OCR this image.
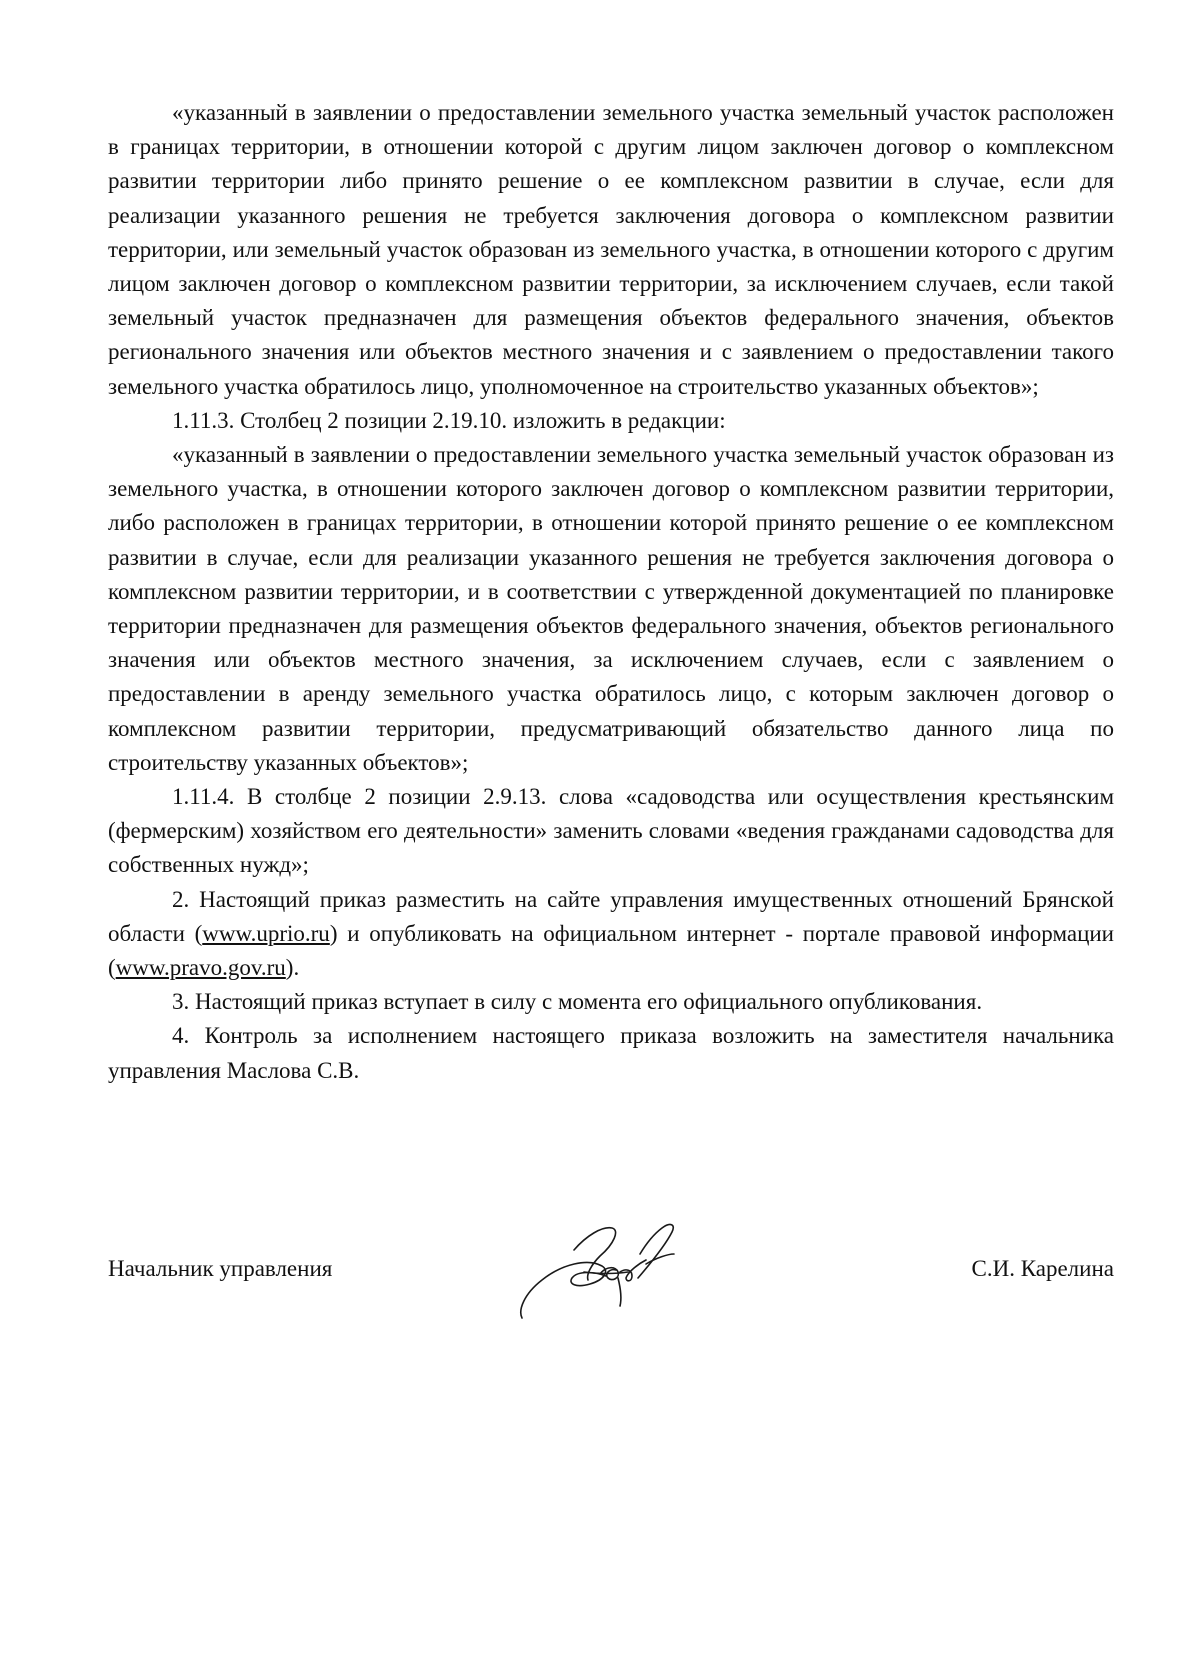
«указанный в заявлении о предоставлении земельного участка земельный участок расположен в границах территории, в отношении которой с другим лицом заключен договор о комплексном развитии территории либо принято решение о ее комплексном развитии в случае, если для реализации указанного решения не требуется заключения договора о комплексном развитии территории, или земельный участок образован из земельного участка, в отношении которого с другим лицом заключен договор о комплексном развитии территории, за исключением случаев, если такой земельный участок предназначен для размещения объектов федерального значения, объектов регионального значения или объектов местного значения и с заявлением о предоставлении такого земельного участка обратилось лицо, уполномоченное на строительство указанных объектов»;

1.11.3. Столбец 2 позиции 2.19.10. изложить в редакции:

«указанный в заявлении о предоставлении земельного участка земельный участок образован из земельного участка, в отношении которого заключен договор о комплексном развитии территории, либо расположен в границах территории, в отношении которой принято решение о ее комплексном развитии в случае, если для реализации указанного решения не требуется заключения договора о комплексном развитии территории, и в соответствии с утвержденной документацией по планировке территории предназначен для размещения объектов федерального значения, объектов регионального значения или объектов местного значения, за исключением случаев, если с заявлением о предоставлении в аренду земельного участка обратилось лицо, с которым заключен договор о комплексном развитии территории, предусматривающий обязательство данного лица по строительству указанных объектов»;

1.11.4. В столбце 2 позиции 2.9.13. слова «садоводства или осуществления крестьянским (фермерским) хозяйством его деятельности» заменить словами «ведения гражданами садоводства для собственных нужд»;

2. Настоящий приказ разместить на сайте управления имущественных отношений Брянской области (www.uprio.ru) и опубликовать на официальном интернет - портале правовой информации (www.pravo.gov.ru).

3. Настоящий приказ вступает в силу с момента его официального опубликования.

4. Контроль за исполнением настоящего приказа возложить на заместителя начальника управления Маслова С.В.

Начальник управления	С.И. Карелина
